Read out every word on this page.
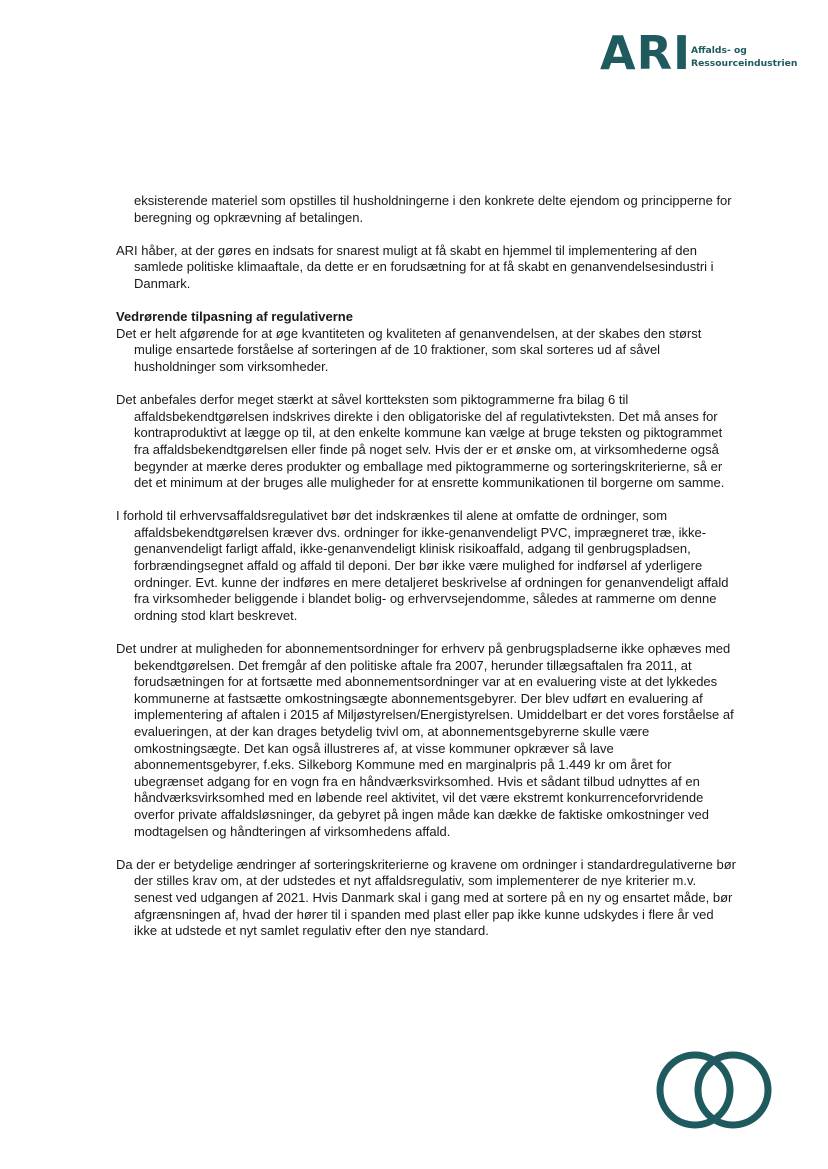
ARI Affalds- og
Ressourceindustrien

eksisterende materiel som opstilles til husholdningerne i den konkrete delte ejendom og principperne for beregning og opkrævning af betalingen.

ARI håber, at der gøres en indsats for snarest muligt at få skabt en hjemmel til implementering af den samlede politiske klimaaftale, da dette er en forudsætning for at få skabt en genanvendelsesindustri i Danmark.

Vedrørende tilpasning af regulativerne

Det er helt afgørende for at øge kvantiteten og kvaliteten af genanvendelsen, at der skabes den størst mulige ensartede forståelse af sorteringen af de 10 fraktioner, som skal sorteres ud af såvel husholdninger som virksomheder.

Det anbefales derfor meget stærkt at såvel kortteksten som piktogrammerne fra bilag 6 til affaldsbekendtgørelsen indskrives direkte i den obligatoriske del af regulativteksten. Det må anses for kontraproduktivt at lægge op til, at den enkelte kommune kan vælge at bruge teksten og piktogrammet fra affaldsbekendtgørelsen eller finde på noget selv. Hvis der er et ønske om, at virksomhederne også begynder at mærke deres produkter og emballage med piktogrammerne og sorteringskriterierne, så er det et minimum at der bruges alle muligheder for at ensrette kommunikationen til borgerne om samme.

I forhold til erhvervsaffaldsregulativet bør det indskrænkes til alene at omfatte de ordninger, som affaldsbekendtgørelsen kræver dvs. ordninger for ikke-genanvendeligt PVC, imprægneret træ, ikke-genanvendeligt farligt affald, ikke-genanvendeligt klinisk risikoaffald, adgang til genbrugspladsen, forbrændingsegnet affald og affald til deponi. Der bør ikke være mulighed for indførsel af yderligere ordninger. Evt. kunne der indføres en mere detaljeret beskrivelse af ordningen for genanvendeligt affald fra virksomheder beliggende i blandet bolig- og erhvervsejendomme, således at rammerne om denne ordning stod klart beskrevet.

Det undrer at muligheden for abonnementsordninger for erhverv på genbrugspladserne ikke ophæves med bekendtgørelsen. Det fremgår af den politiske aftale fra 2007, herunder tillægsaftalen fra 2011, at forudsætningen for at fortsætte med abonnementsordninger var at en evaluering viste at det lykkedes kommunerne at fastsætte omkostningsægte abonnementsgebyrer. Der blev udført en evaluering af implementering af aftalen i 2015 af Miljøstyrelsen/Energistyrelsen. Umiddelbart er det vores forståelse af evalueringen, at der kan drages betydelig tvivl om, at abonnementsgebyrerne skulle være omkostningsægte. Det kan også illustreres af, at visse kommuner opkræver så lave abonnementsgebyrer, f.eks. Silkeborg Kommune med en marginalpris på 1.449 kr om året for ubegrænset adgang for en vogn fra en håndværksvirksomhed. Hvis et sådant tilbud udnyttes af en håndværksvirksomhed med en løbende reel aktivitet, vil det være ekstremt konkurrenceforvridende overfor private affaldsløsninger, da gebyret på ingen måde kan dække de faktiske omkostninger ved modtagelsen og håndteringen af virksomhedens affald.

Da der er betydelige ændringer af sorteringskriterierne og kravene om ordninger i standardregulativerne bør der stilles krav om, at der udstedes et nyt affaldsregulativ, som implementerer de nye kriterier m.v. senest ved udgangen af 2021. Hvis Danmark skal i gang med at sortere på en ny og ensartet måde, bør afgrænsningen af, hvad der hører til i spanden med plast eller pap ikke kunne udskydes i flere år ved ikke at udstede et nyt samlet regulativ efter den nye standard.
